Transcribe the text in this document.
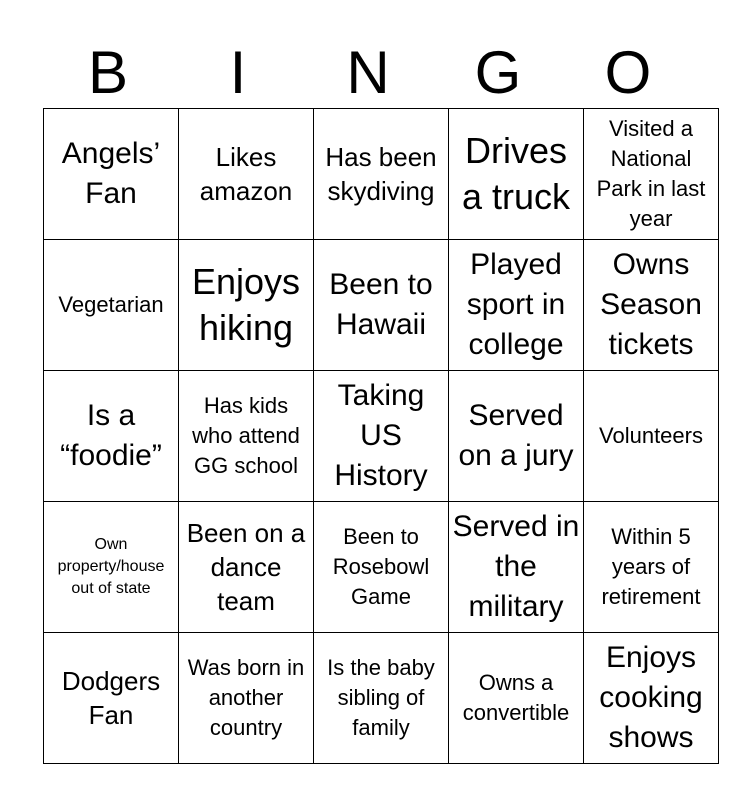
B	I	N	G	O
Angels’ Fan	Likes amazon	Has been skydiving	Drives a truck	Visited a National Park in last year

Vegetarian	Enjoys hiking	Been to Hawaii	Played sport in college	Owns Season tickets

Is a “foodie”	Has kids who attend GG school	Taking US History	Served on a jury	Volunteers

Own property/house out of state	Been on a dance team	Been to Rosebowl Game	Served in the military	Within 5 years of retirement

Dodgers Fan	Was born in another country	Is the baby sibling of family	Owns a convertible	Enjoys cooking shows
